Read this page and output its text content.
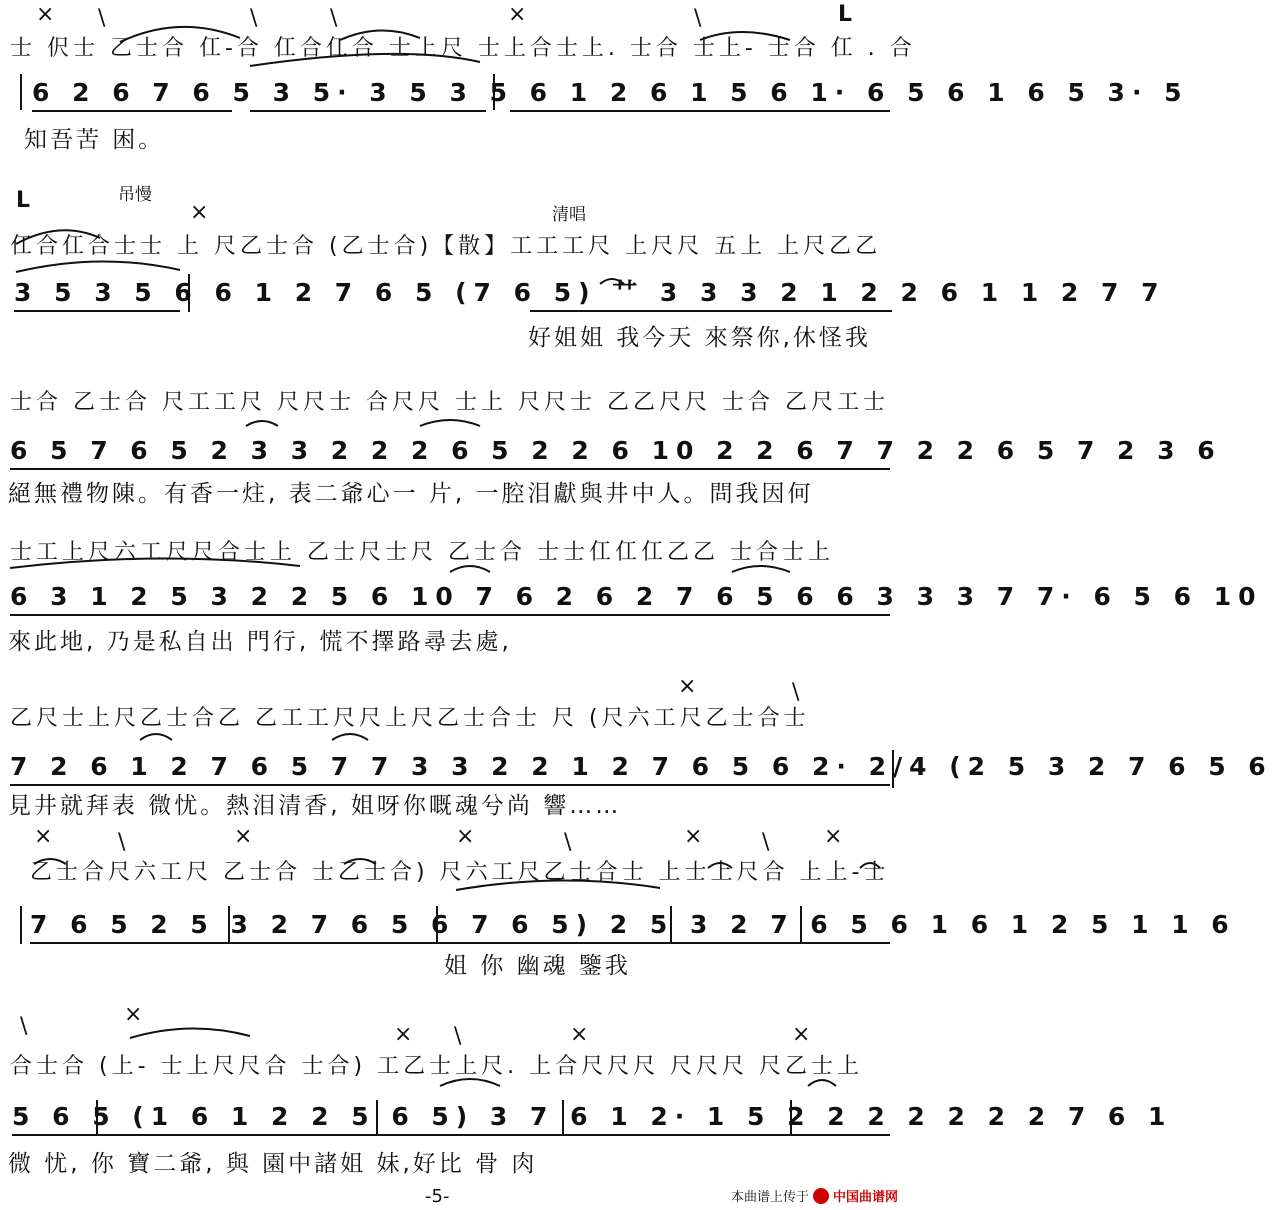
× \	\	\	×	\	L
士 伬士 乙士合 仜-合 仜合仜合 士上尺 士上合士上. 士合 士上- 士合 仜 . 合
6 2 6 7 6 5 3 5· 3 5 3 5 6 1 2 6 1 5 6 1· 6 5 6 1 6 5 3· 5
知吾苦 困。
L	吊慢
×	清唱
仜合仜合士士 上 尺乙士合 (乙士合)【散】工工工尺 上尺尺 五上 上尺乙乙
3 5 3 5 6 6 1 2 7 6 5 (7 6 5) ⺿ 3 3 3 2 1 2 2 6 1 1 2 7 7
好姐姐 我今天 來祭你,休怪我
士合 乙士合 尺工工尺 尺尺士 合尺尺 士上 尺尺士 乙乙尺尺 士合 乙尺工士
6 5 7 6 5 2 3 3 2 2 2 6 5 2 2 6 10 2 2 6 7 7 2 2 6 5 7 2 3 6
絕無禮物陳。有香一炷, 表二爺心一 片, 一腔泪獻與井中人。問我因何
士工上尺六工尺尺合士上 乙士尺士尺 乙士合 士士仜仜仜乙乙 士合士上
6 3 1 2 5 3 2 2 5 6 10 7 6 2 6 2 7 6 5 6 6 3 3 3 7 7· 6 5 6 10
來此地, 乃是私自出 門行, 慌不擇路尋去處,
×	\
乙尺士上尺乙士合乙 乙工工尺尺上尺乙士合士 尺 (尺六工尺乙士合士
7 2 6 1 2 7 6 5 7 7 3 3 2 2 1 2 7 6 5 6 2· 2/4 (2 5 3 2 7 6 5 6
見井就拜表 微忧。熱泪清香, 姐呀你嘅魂兮尚 響……
×	\	×	×	\	×	\ ×
乙士合尺六工尺 乙士合 士乙士合) 尺六工尺乙士合士 上士上尺合 上上-士
7 6 5 2 5 3 2 7 6 5 6 7 6 5) 2 5 3 2 7 6 5 6 1 6 1 2 5 1 1 6
姐 你 幽魂 鑒我
\	×
× \	×	×
合士合 (上- 士上尺尺合 士合) 工乙士上尺. 上合尺尺尺 尺尺尺 尺乙士上
5 6 5 (1 6 1 2 2 5 6 5) 3 7 6 1 2· 1 5 2 2 2 2 2 2 2 7 6 1
微 忧, 你 寶二爺, 與 園中諸姐 妹,好比 骨 肉
-5-	本曲谱上传于 中国曲谱网
